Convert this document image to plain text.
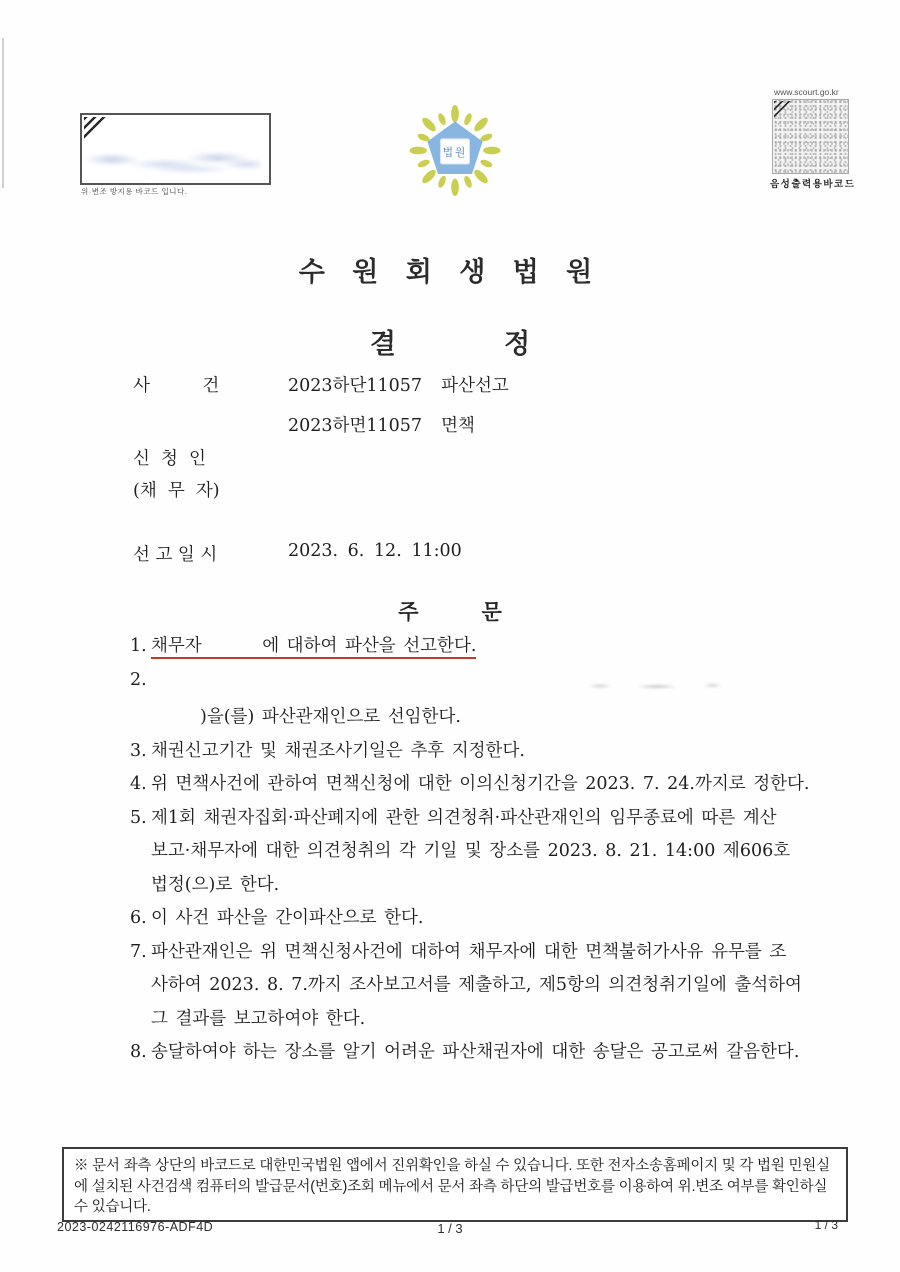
위·변조 방지용 바코드 입니다.
법원
www.scourt.go.kr
음성출력용바코드
수 원 회 생 법 원
결　　　　정
사　　　건	2023하단11057  파산선고
2023하면11057  면책
신  청  인
(채  무  자)
선 고 일 시	2023. 6. 12. 11:00
주　　　문
1. 채무자        에 대하여 파산을 선고한다.
2.
)을(를) 파산관재인으로 선임한다.
3. 채권신고기간 및 채권조사기일은 추후 지정한다.
4. 위 면책사건에 관하여 면책신청에 대한 이의신청기간을 2023. 7. 24.까지로 정한다.
5. 제1회 채권자집회·파산폐지에 관한 의견청취·파산관재인의 임무종료에 따른 계산
보고·채무자에 대한 의견청취의 각 기일 및 장소를 2023. 8. 21. 14:00 제606호
법정(으)로 한다.
6. 이 사건 파산을 간이파산으로 한다.
7. 파산관재인은 위 면책신청사건에 대하여 채무자에 대한 면책불허가사유 유무를 조
사하여 2023. 8. 7.까지 조사보고서를 제출하고, 제5항의 의견청취기일에 출석하여
그 결과를 보고하여야 한다.
8. 송달하여야 하는 장소를 알기 어려운 파산채권자에 대한 송달은 공고로써 갈음한다.
※ 문서 좌측 상단의 바코드로 대한민국법원 앱에서 진위확인을 하실 수 있습니다. 또한 전자소송홈페이지 및 각 법원 민원실에 설치된 사건검색 컴퓨터의 발급문서(번호)조회 메뉴에서 문서 좌측 하단의 발급번호를 이용하여 위.변조 여부를 확인하실 수 있습니다.
2023-0242116976-ADF4D	1 / 3	1 / 3
